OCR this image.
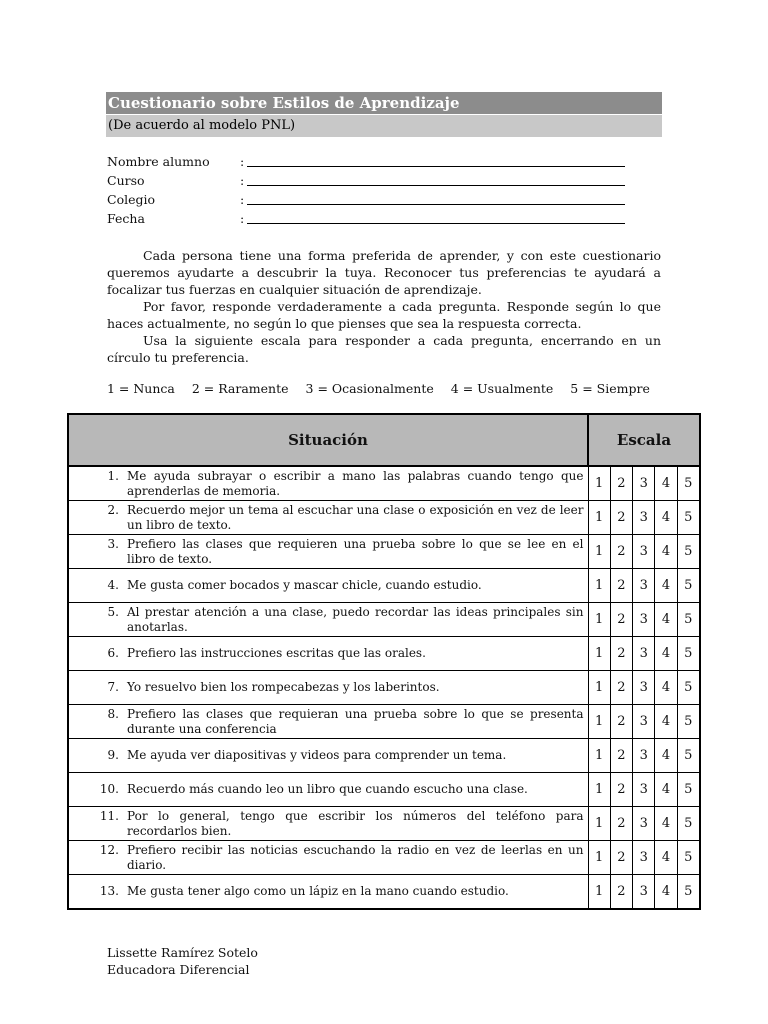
Cuestionario sobre Estilos de Aprendizaje
(De acuerdo al modelo PNL)
Nombre alumno :
Curso	:
Colegio	:
Fecha	:

Cada persona tiene una forma preferida de aprender, y con este cuestionario queremos ayudarte a descubrir la tuya. Reconocer tus preferencias te ayudará a focalizar tus fuerzas en cualquier situación de aprendizaje.

Por favor, responde verdaderamente a cada pregunta. Responde según lo que haces actualmente, no según lo que pienses que sea la respuesta correcta.

Usa la siguiente escala para responder a cada pregunta, encerrando en un círculo tu preferencia.

1 = Nunca 2 = Raramente 3 = Ocasionalmente 4 = Usualmente 5 = Siempre
Situación	Escala				

1. Me ayuda subrayar o escribir a mano las palabras cuando tengo que aprenderlas de memoria.	1	2	3	4	5

2. Recuerdo mejor un tema al escuchar una clase o exposición en vez de leer un libro de texto.	1	2	3	4	5

3. Prefiero las clases que requieren una prueba sobre lo que se lee en el libro de texto.	1	2	3	4	5

4. Me gusta comer bocados y mascar chicle, cuando estudio.	1	2	3	4	5

5. Al prestar atención a una clase, puedo recordar las ideas principales sin anotarlas.	1	2	3	4	5

6. Prefiero las instrucciones escritas que las orales.	1	2	3	4	5

7. Yo resuelvo bien los rompecabezas y los laberintos.	1	2	3	4	5

8. Prefiero las clases que requieran una prueba sobre lo que se presenta durante una conferencia	1	2	3	4	5

9. Me ayuda ver diapositivas y videos para comprender un tema.	1	2	3	4	5

10. Recuerdo más cuando leo un libro que cuando escucho una clase.	1	2	3	4	5

11. Por lo general, tengo que escribir los números del teléfono para recordarlos bien.	1	2	3	4	5

12. Prefiero recibir las noticias escuchando la radio en vez de leerlas en un diario.	1	2	3	4	5

13. Me gusta tener algo como un lápiz en la mano cuando estudio.	1	2	3	4	5
Lissette Ramírez Sotelo
Educadora Diferencial
